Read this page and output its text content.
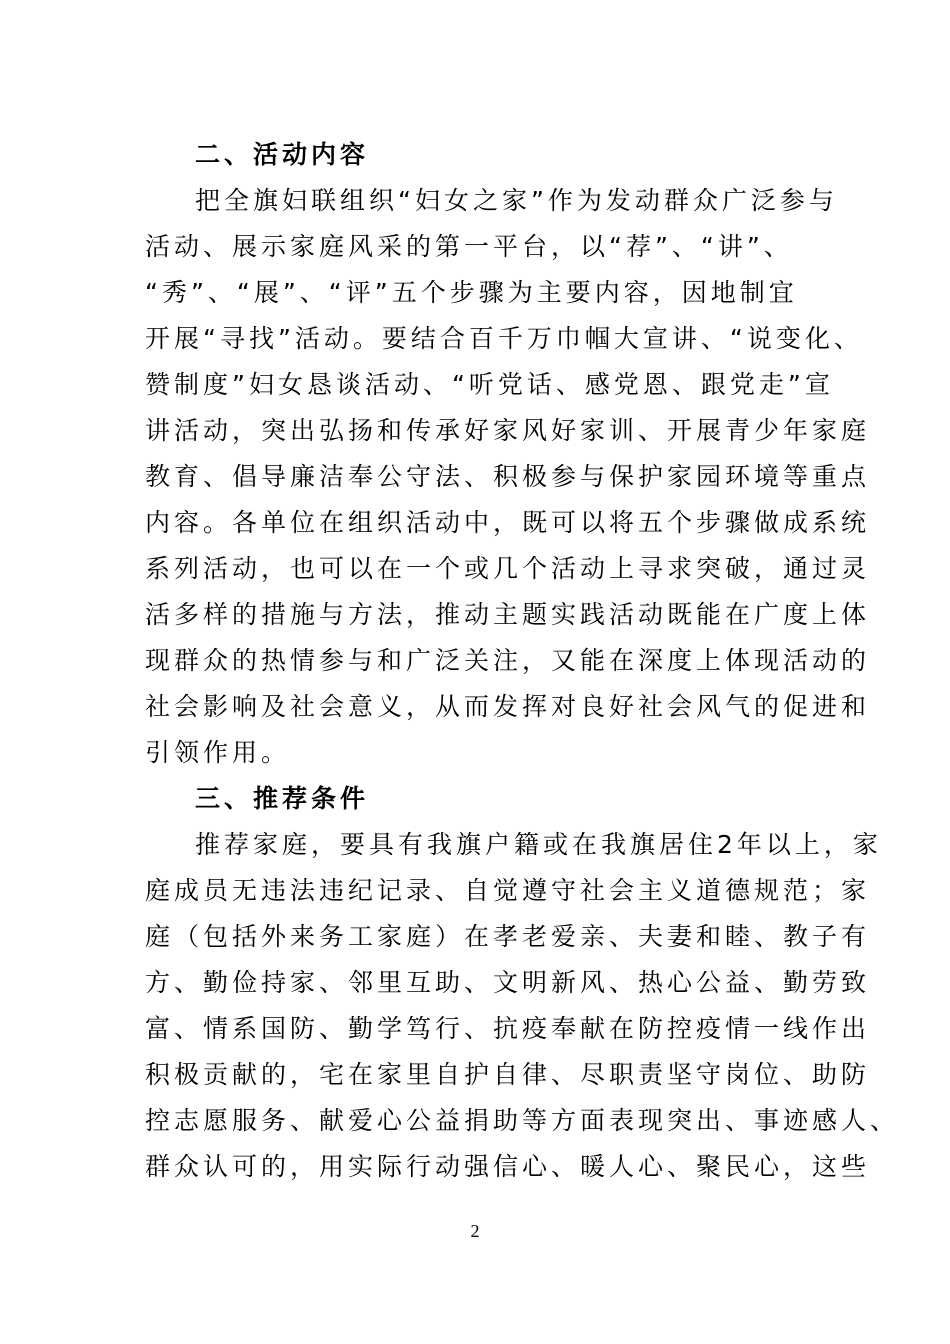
二、活动内容
把全旗妇联组织“妇女之家”作为发动群众广泛参与
活动、展示家庭风采的第一平台，以“荐”、“讲”、
“秀”、“展”、“评”五个步骤为主要内容，因地制宜
开展“寻找”活动。要结合百千万巾帼大宣讲、“说变化、
赞制度”妇女恳谈活动、“听党话、感党恩、跟党走”宣
讲活动，突出弘扬和传承好家风好家训、开展青少年家庭
教育、倡导廉洁奉公守法、积极参与保护家园环境等重点
内容。各单位在组织活动中，既可以将五个步骤做成系统
系列活动，也可以在一个或几个活动上寻求突破，通过灵
活多样的措施与方法，推动主题实践活动既能在广度上体
现群众的热情参与和广泛关注，又能在深度上体现活动的
社会影响及社会意义，从而发挥对良好社会风气的促进和
引领作用。
三、推荐条件
推荐家庭，要具有我旗户籍或在我旗居住2年以上，家
庭成员无违法违纪记录、自觉遵守社会主义道德规范；家
庭（包括外来务工家庭）在孝老爱亲、夫妻和睦、教子有
方、勤俭持家、邻里互助、文明新风、热心公益、勤劳致
富、情系国防、勤学笃行、抗疫奉献在防控疫情一线作出
积极贡献的，宅在家里自护自律、尽职责坚守岗位、助防
控志愿服务、献爱心公益捐助等方面表现突出、事迹感人、
群众认可的，用实际行动强信心、暖人心、聚民心，这些
2
